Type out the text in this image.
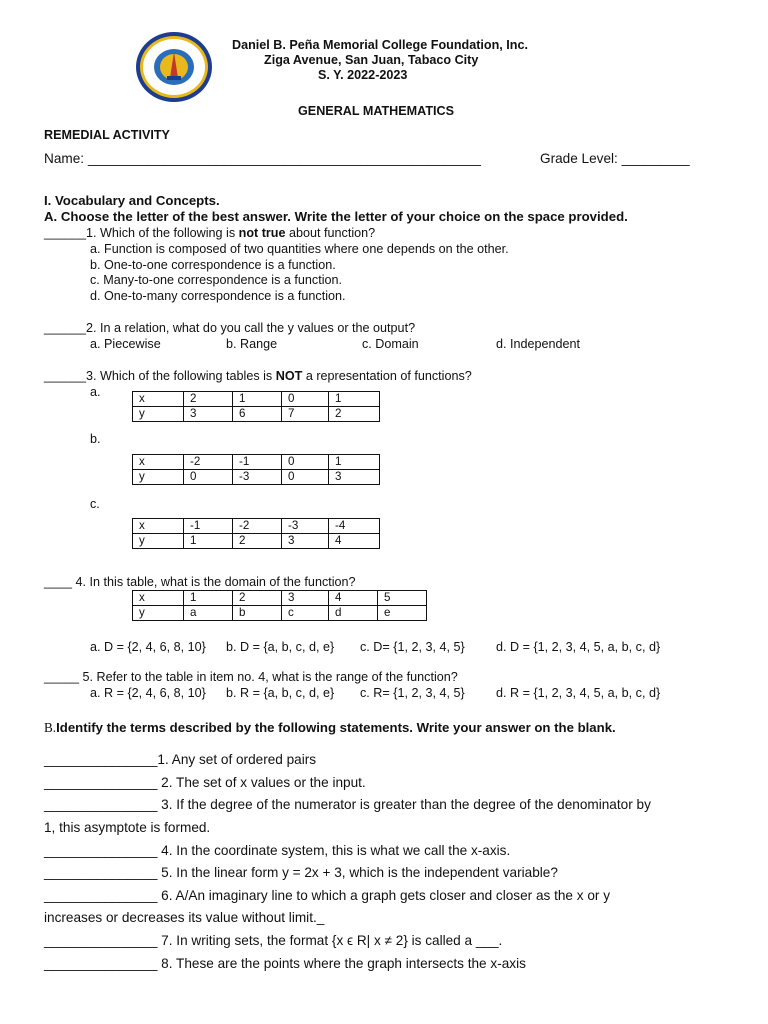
Daniel B. Peña Memorial College Foundation, Inc.
Ziga Avenue, San Juan, Tabaco City
S. Y. 2022-2023
GENERAL MATHEMATICS
REMEDIAL ACTIVITY
Name: ____________________________________________________	Grade Level: _________
I. Vocabulary and Concepts.
A. Choose the letter of the best answer. Write the letter of your choice on the space provided.
______1. Which of the following is not true about function?
a. Function is composed of two quantities where one depends on the other.
b. One-to-one correspondence is a function.
c. Many-to-one correspondence is a function.
d. One-to-many correspondence is a function.
______2. In a relation, what do you call the y values or the output?
a. Piecewise	b. Range	c. Domain	d. Independent
______3. Which of the following tables is NOT a representation of functions?
a.	x	2	1	0	1
y	3	6	7	2
b.
x	-2	-1	0	1
y	0	-3	0	3
c.
x	-1	-2	-3	-4
y	1	2	3	4
____ 4. In this table, what is the domain of the function?
x	1	2	3	4	5
y	a	b	c	d	e
a. D = {2, 4, 6, 8, 10} b. D = {a, b, c, d, e} c. D= {1, 2, 3, 4, 5} d. D = {1, 2, 3, 4, 5, a, b, c, d}
_____ 5. Refer to the table in item no. 4, what is the range of the function?
a. R = {2, 4, 6, 8, 10} b. R = {a, b, c, d, e} c. R= {1, 2, 3, 4, 5} d. R = {1, 2, 3, 4, 5, a, b, c, d}
B.Identify the terms described by the following statements. Write your answer on the blank.
_______________1. Any set of ordered pairs
_______________ 2. The set of x values or the input.
_______________ 3. If the degree of the numerator is greater than the degree of the denominator by
1, this asymptote is formed.
_______________ 4. In the coordinate system, this is what we call the x-axis.
_______________ 5. In the linear form y = 2x + 3, which is the independent variable?
_______________ 6. A/An imaginary line to which a graph gets closer and closer as the x or y
increases or decreases its value without limit._
_______________ 7. In writing sets, the format {x ϵ R| x ≠ 2} is called a ___.
_______________ 8. These are the points where the graph intersects the x-axis
